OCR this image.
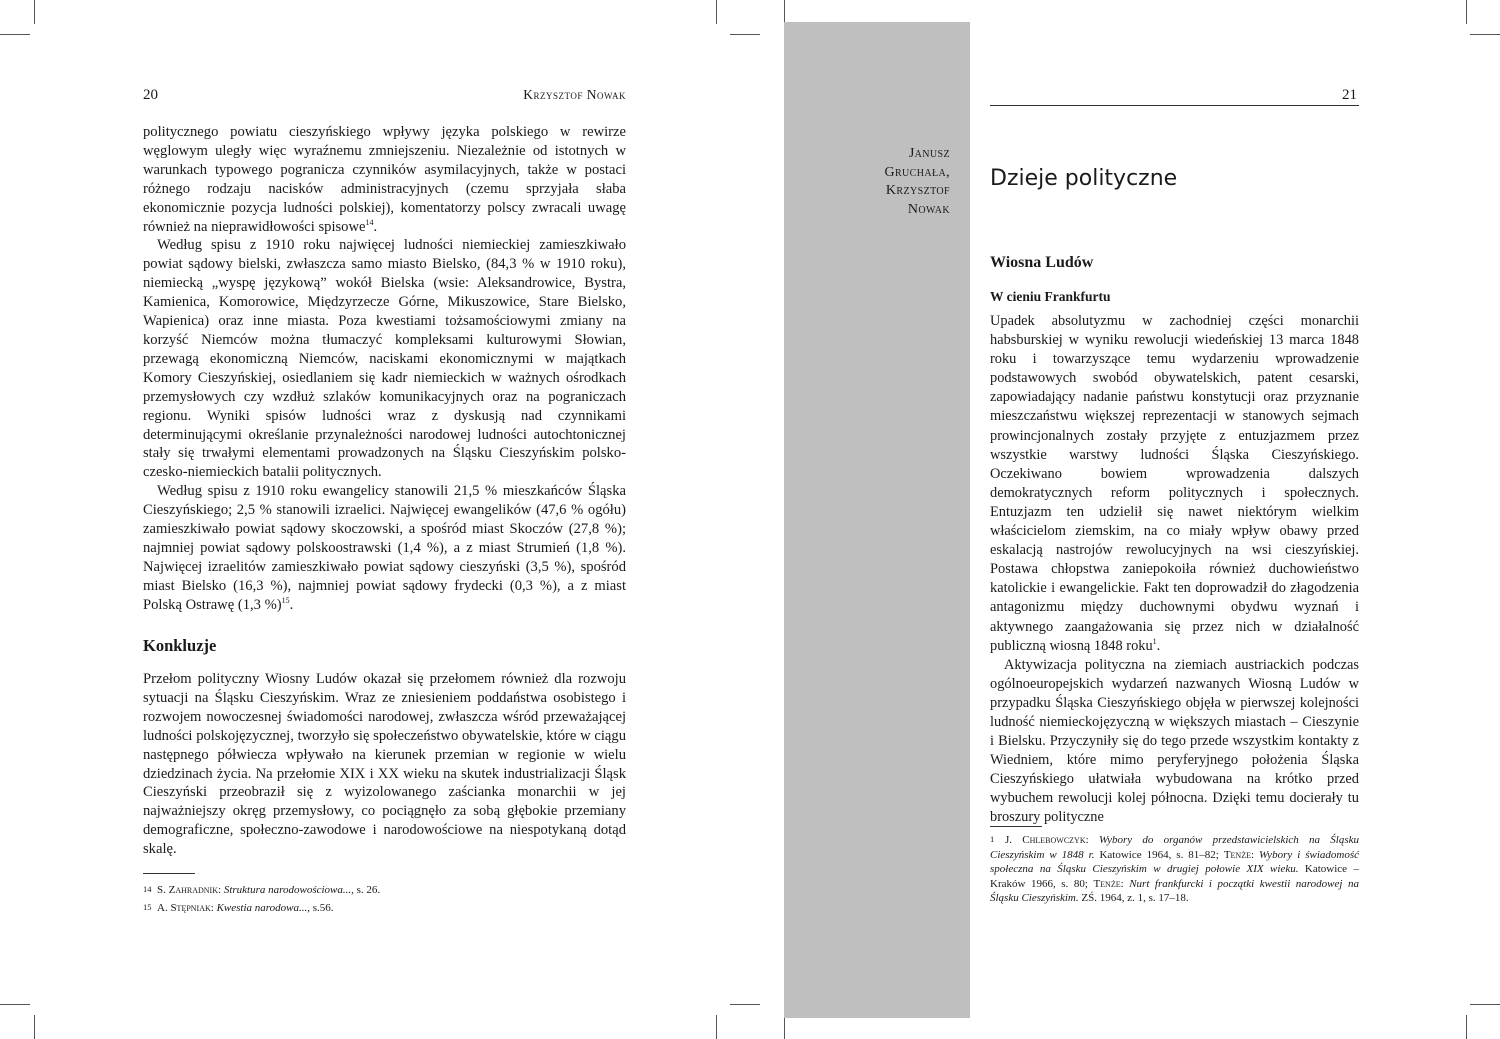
20	Krzysztof Nowak

politycznego powiatu cieszyńskiego wpływy języka polskiego w rewirze węglowym uległy więc wyraźnemu zmniejszeniu. Niezależnie od istotnych w warunkach typowego pogranicza czynników asymilacyjnych, także w postaci różnego rodzaju nacisków administracyjnych (czemu sprzyjała słaba ekonomicznie pozycja ludności polskiej), komentatorzy polscy zwracali uwagę również na nieprawidłowości spisowe$^{14}$.

Według spisu z 1910 roku najwięcej ludności niemieckiej zamieszkiwało powiat sądowy bielski, zwłaszcza samo miasto Bielsko, (84,3 % w 1910 roku), niemiecką „wyspę językową” wokół Bielska (wsie: Aleksandrowice, Bystra, Kamienica, Komorowice, Międzyrzecze Górne, Mikuszowice, Stare Bielsko, Wapienica) oraz inne miasta. Poza kwestiami tożsamościowymi zmiany na korzyść Niemców można tłumaczyć kompleksami kulturowymi Słowian, przewagą ekonomiczną Niemców, naciskami ekonomicznymi w majątkach Komory Cieszyńskiej, osiedlaniem się kadr niemieckich w ważnych ośrodkach przemysłowych czy wzdłuż szlaków komunikacyjnych oraz na pograniczach regionu. Wyniki spisów ludności wraz z dyskusją nad czynnikami determinującymi określanie przynależności narodowej ludności autochtonicznej stały się trwałymi elementami prowadzonych na Śląsku Cieszyńskim polsko-czesko-niemieckich batalii politycznych.

Według spisu z 1910 roku ewangelicy stanowili 21,5 % mieszkańców Śląska Cieszyńskiego; 2,5 % stanowili izraelici. Najwięcej ewangelików (47,6 % ogółu) zamieszkiwało powiat sądowy skoczowski, a spośród miast Skoczów (27,8 %); najmniej powiat sądowy polskoostrawski (1,4 %), a z miast Strumień (1,8 %). Najwięcej izraelitów zamieszkiwało powiat sądowy cieszyński (3,5 %), spośród miast Bielsko (16,3 %), najmniej powiat sądowy frydecki (0,3 %), a z miast Polską Ostrawę (1,3 %)$^{15}$.

Konkluzje

Przełom polityczny Wiosny Ludów okazał się przełomem również dla rozwoju sytuacji na Śląsku Cieszyńskim. Wraz ze zniesieniem poddaństwa osobistego i rozwojem nowoczesnej świadomości narodowej, zwłaszcza wśród przeważającej ludności polskojęzycznej, tworzyło się społeczeństwo obywatelskie, które w ciągu następnego półwiecza wpływało na kierunek przemian w regionie w wielu dziedzinach życia. Na przełomie XIX i XX wieku na skutek industrializacji Śląsk Cieszyński przeobraził się z wyizolowanego zaścianka monarchii w jej najważniejszy okręg przemysłowy, co pociągnęło za sobą głębokie przemiany demograficzne, społeczno-zawodowe i narodowościowe na niespotykaną dotąd skalę.

14 S. Zahradnik: Struktura narodowościowa..., s. 26.
15 A. Stępniak: Kwestia narodowa..., s.56.
21
Janusz
Gruchała,
Krzysztof
Nowak
Dzieje polityczne
Wiosna Ludów
W cieniu Frankfurtu

Upadek absolutyzmu w zachodniej części monarchii habsburskiej w wyniku rewolucji wiedeńskiej 13 marca 1848 roku i towarzyszące temu wydarzeniu wprowadzenie podstawowych swobód obywatelskich, patent cesarski, zapowiadający nadanie państwu konstytucji oraz przyznanie mieszczaństwu większej reprezentacji w stanowych sejmach prowincjonalnych zostały przyjęte z entuzjazmem przez wszystkie warstwy ludności Śląska Cieszyńskiego. Oczekiwano bowiem wprowadzenia dalszych demokratycznych reform politycznych i społecznych. Entuzjazm ten udzielił się nawet niektórym wielkim właścicielom ziemskim, na co miały wpływ obawy przed eskalacją nastrojów rewolucyjnych na wsi cieszyńskiej. Postawa chłopstwa zaniepokoiła również duchowieństwo katolickie i ewangelickie. Fakt ten doprowadził do złagodzenia antagonizmu między duchownymi obydwu wyznań i aktywnego zaangażowania się przez nich w działalność publiczną wiosną 1848 roku$^1$.

Aktywizacja polityczna na ziemiach austriackich podczas ogólnoeuropejskich wydarzeń nazwanych Wiosną Ludów w przypadku Śląska Cieszyńskiego objęła w pierwszej kolejności ludność niemieckojęzyczną w większych miastach – Cieszynie i Bielsku. Przyczyniły się do tego przede wszystkim kontakty z Wiedniem, które mimo peryferyjnego położenia Śląska Cieszyńskiego ułatwiała wybudowana na krótko przed wybuchem rewolucji kolej północna. Dzięki temu docierały tu broszury polityczne

1 J. Chlebowczyk: Wybory do organów przedstawicielskich na Śląsku Cieszyńskim w 1848 r. Katowice 1964, s. 81–82; Tenże: Wybory i świadomość społeczna na Śląsku Cieszyńskim w drugiej połowie XIX wieku. Katowice – Kraków 1966, s. 80; Tenże: Nurt frankfurcki i początki kwestii narodowej na Śląsku Cieszyńskim. ZŚ. 1964, z. 1, s. 17–18.
